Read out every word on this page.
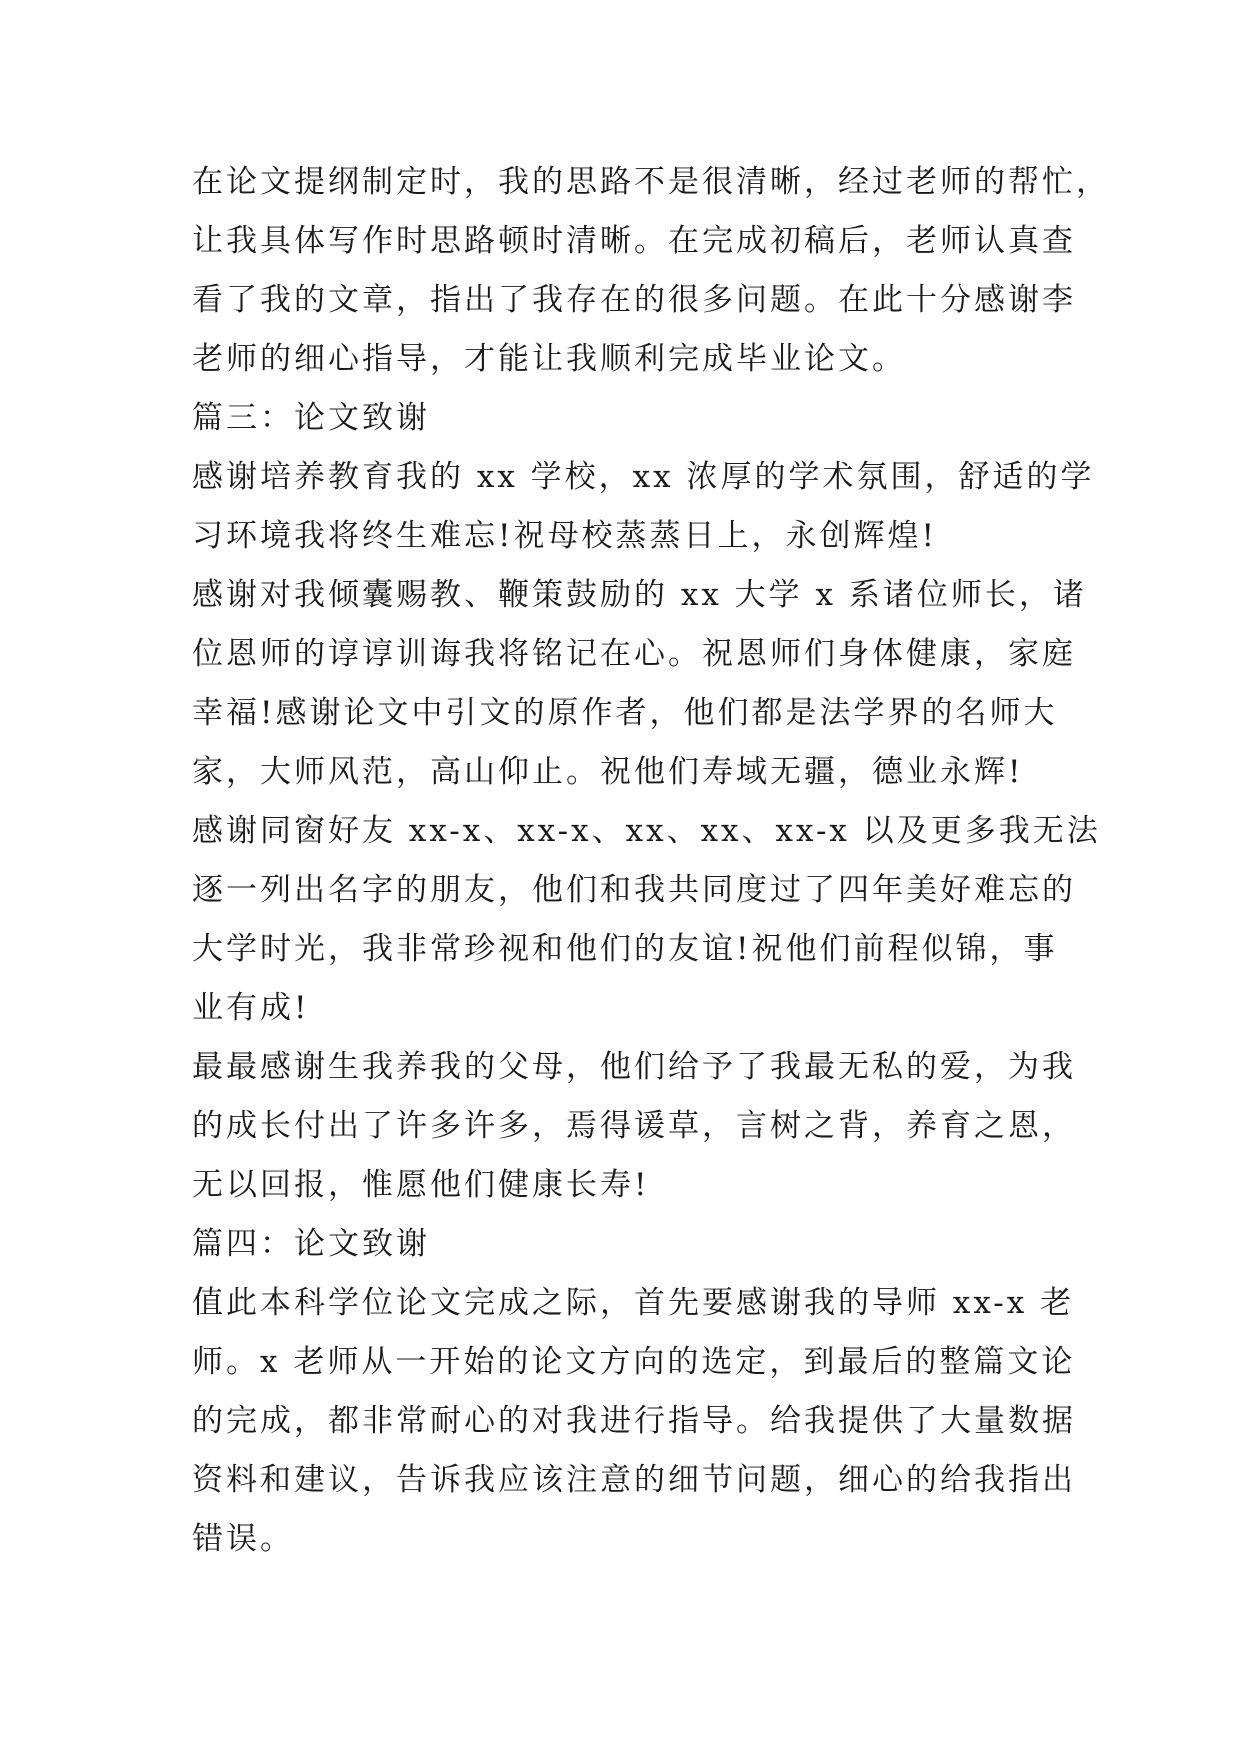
在论文提纲制定时，我的思路不是很清晰，经过老师的帮忙，
让我具体写作时思路顿时清晰。在完成初稿后，老师认真查
看了我的文章，指出了我存在的很多问题。在此十分感谢李
老师的细心指导，才能让我顺利完成毕业论文。
篇三：论文致谢
感谢培养教育我的 xx 学校，xx 浓厚的学术氛围，舒适的学
习环境我将终生难忘!祝母校蒸蒸日上，永创辉煌!
感谢对我倾囊赐教、鞭策鼓励的 xx 大学 x 系诸位师长，诸
位恩师的谆谆训诲我将铭记在心。祝恩师们身体健康，家庭
幸福!感谢论文中引文的原作者，他们都是法学界的名师大
家，大师风范，高山仰止。祝他们寿域无疆，德业永辉!
感谢同窗好友 xx-x、xx-x、xx、xx、xx-x 以及更多我无法
逐一列出名字的朋友，他们和我共同度过了四年美好难忘的
大学时光，我非常珍视和他们的友谊!祝他们前程似锦，事
业有成!
最最感谢生我养我的父母，他们给予了我最无私的爱，为我
的成长付出了许多许多，焉得谖草，言树之背，养育之恩，
无以回报，惟愿他们健康长寿!
篇四：论文致谢
值此本科学位论文完成之际，首先要感谢我的导师 xx-x 老
师。x 老师从一开始的论文方向的选定，到最后的整篇文论
的完成，都非常耐心的对我进行指导。给我提供了大量数据
资料和建议，告诉我应该注意的细节问题，细心的给我指出
错误。
